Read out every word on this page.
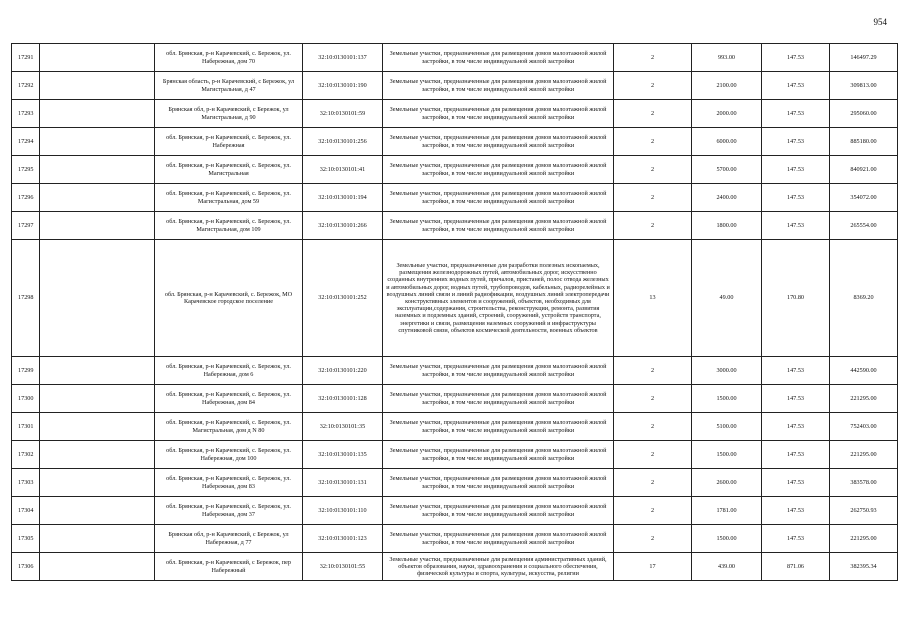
954
17291		обл. Брянская, р-н Карачевский, с. Бережок, ул. Набережная, дом 70	32:10:0130101:137	Земельные участки, предназначенные для размещения домов малоэтажной жилой застройки, в том числе индивидуальной жилой застройки	2	993.00	147.53	146497.29
17292		Брянская область, р-н Карачевский, с Бережок, ул Магистральная, д 47	32:10:0130101:190	Земельные участки, предназначенные для размещения домов малоэтажной жилой застройки, в том числе индивидуальной жилой застройки	2	2100.00	147.53	309813.00
17293		Брянская обл, р-н Карачевский, с Бережок, ул Магистральная, д 90	32:10:0130101:59	Земельные участки, предназначенные для размещения домов малоэтажной жилой застройки, в том числе индивидуальной жилой застройки	2	2000.00	147.53	295060.00
17294		обл. Брянская, р-н Карачевский, с. Бережок, ул. Набережная	32:10:0130101:256	Земельные участки, предназначенные для размещения домов малоэтажной жилой застройки, в том числе индивидуальной жилой застройки	2	6000.00	147.53	885180.00
17295		обл. Брянская, р-н Карачевский, с. Бережок, ул. Магистральная	32:10:0130101:41	Земельные участки, предназначенные для размещения домов малоэтажной жилой застройки, в том числе индивидуальной жилой застройки	2	5700.00	147.53	840921.00
17296		обл. Брянская, р-н Карачевский, с. Бережок, ул. Магистральная, дом 59	32:10:0130101:194	Земельные участки, предназначенные для размещения домов малоэтажной жилой застройки, в том числе индивидуальной жилой застройки	2	2400.00	147.53	354072.00
17297		обл. Брянская, р-н Карачевский, с. Бережок, ул. Магистральная, дом 109	32:10:0130101:266	Земельные участки, предназначенные для размещения домов малоэтажной жилой застройки, в том числе индивидуальной жилой застройки	2	1800.00	147.53	265554.00
17298		обл. Брянская, р-н Карачевский, с. Бережок, МО Карачевское городское поселение	32:10:0130101:252	Земельные участки, предназначенные для разработки полезных ископаемых, размещения железнодорожных путей, автомобильных дорог, искусственно созданных внутренних водных путей, причалов, пристаней, полос отвода железных и автомобильных дорог, водных путей, трубопроводов, кабельных, радиорелейных и воздушных линий связи и линий радиофикации, воздушных линий электропередачи конструктивных элементов и сооружений, объектов, необходимых для эксплуатации,содержания, строительства, реконструкции, ремонта, развития наземных и подземных зданий, строений, сооружений, устройств транспорта, энергетики и связи, размещения наземных сооружений и инфраструктуры спутниковой связи, объектов космической деятельности, военных объектов	13	49.00	170.80	8369.20
17299		обл. Брянская, р-н Карачевский, с. Бережок, ул. Набережная, дом 6	32:10:0130101:220	Земельные участки, предназначенные для размещения домов малоэтажной жилой застройки, в том числе индивидуальной жилой застройки	2	3000.00	147.53	442590.00
17300		обл. Брянская, р-н Карачевский, с. Бережок, ул. Набережная, дом 84	32:10:0130101:128	Земельные участки, предназначенные для размещения домов малоэтажной жилой застройки, в том числе индивидуальной жилой застройки	2	1500.00	147.53	221295.00
17301		обл. Брянская, р-н Карачевский, с. Бережок, ул. Магистральная, дом д N 80	32:10:0130101:35	Земельные участки, предназначенные для размещения домов малоэтажной жилой застройки, в том числе индивидуальной жилой застройки	2	5100.00	147.53	752403.00
17302		обл. Брянская, р-н Карачевский, с. Бережок, ул. Набережная, дом 100	32:10:0130101:135	Земельные участки, предназначенные для размещения домов малоэтажной жилой застройки, в том числе индивидуальной жилой застройки	2	1500.00	147.53	221295.00
17303		обл. Брянская, р-н Карачевский, с. Бережок, ул. Набережная, дом 83	32:10:0130101:131	Земельные участки, предназначенные для размещения домов малоэтажной жилой застройки, в том числе индивидуальной жилой застройки	2	2600.00	147.53	383578.00
17304		обл. Брянская, р-н Карачевский, с. Бережок, ул. Набережная, дом 37	32:10:0130101:110	Земельные участки, предназначенные для размещения домов малоэтажной жилой застройки, в том числе индивидуальной жилой застройки	2	1781.00	147.53	262750.93
17305		Брянская обл, р-н Карачевский, с Бережок, ул Набережная, д 77	32:10:0130101:123	Земельные участки, предназначенные для размещения домов малоэтажной жилой застройки, в том числе индивидуальной жилой застройки	2	1500.00	147.53	221295.00
17306		обл. Брянская, р-н Карачевский, с Бережок, пер Набережный	32:10:0130101:55	Земельные участки, предназначенные для размещения административных зданий, объектов образования, науки, здравоохранения и социального обеспечения, физической культуры и спорта, культуры, искусства, религии	17	439.00	871.06	382395.34
